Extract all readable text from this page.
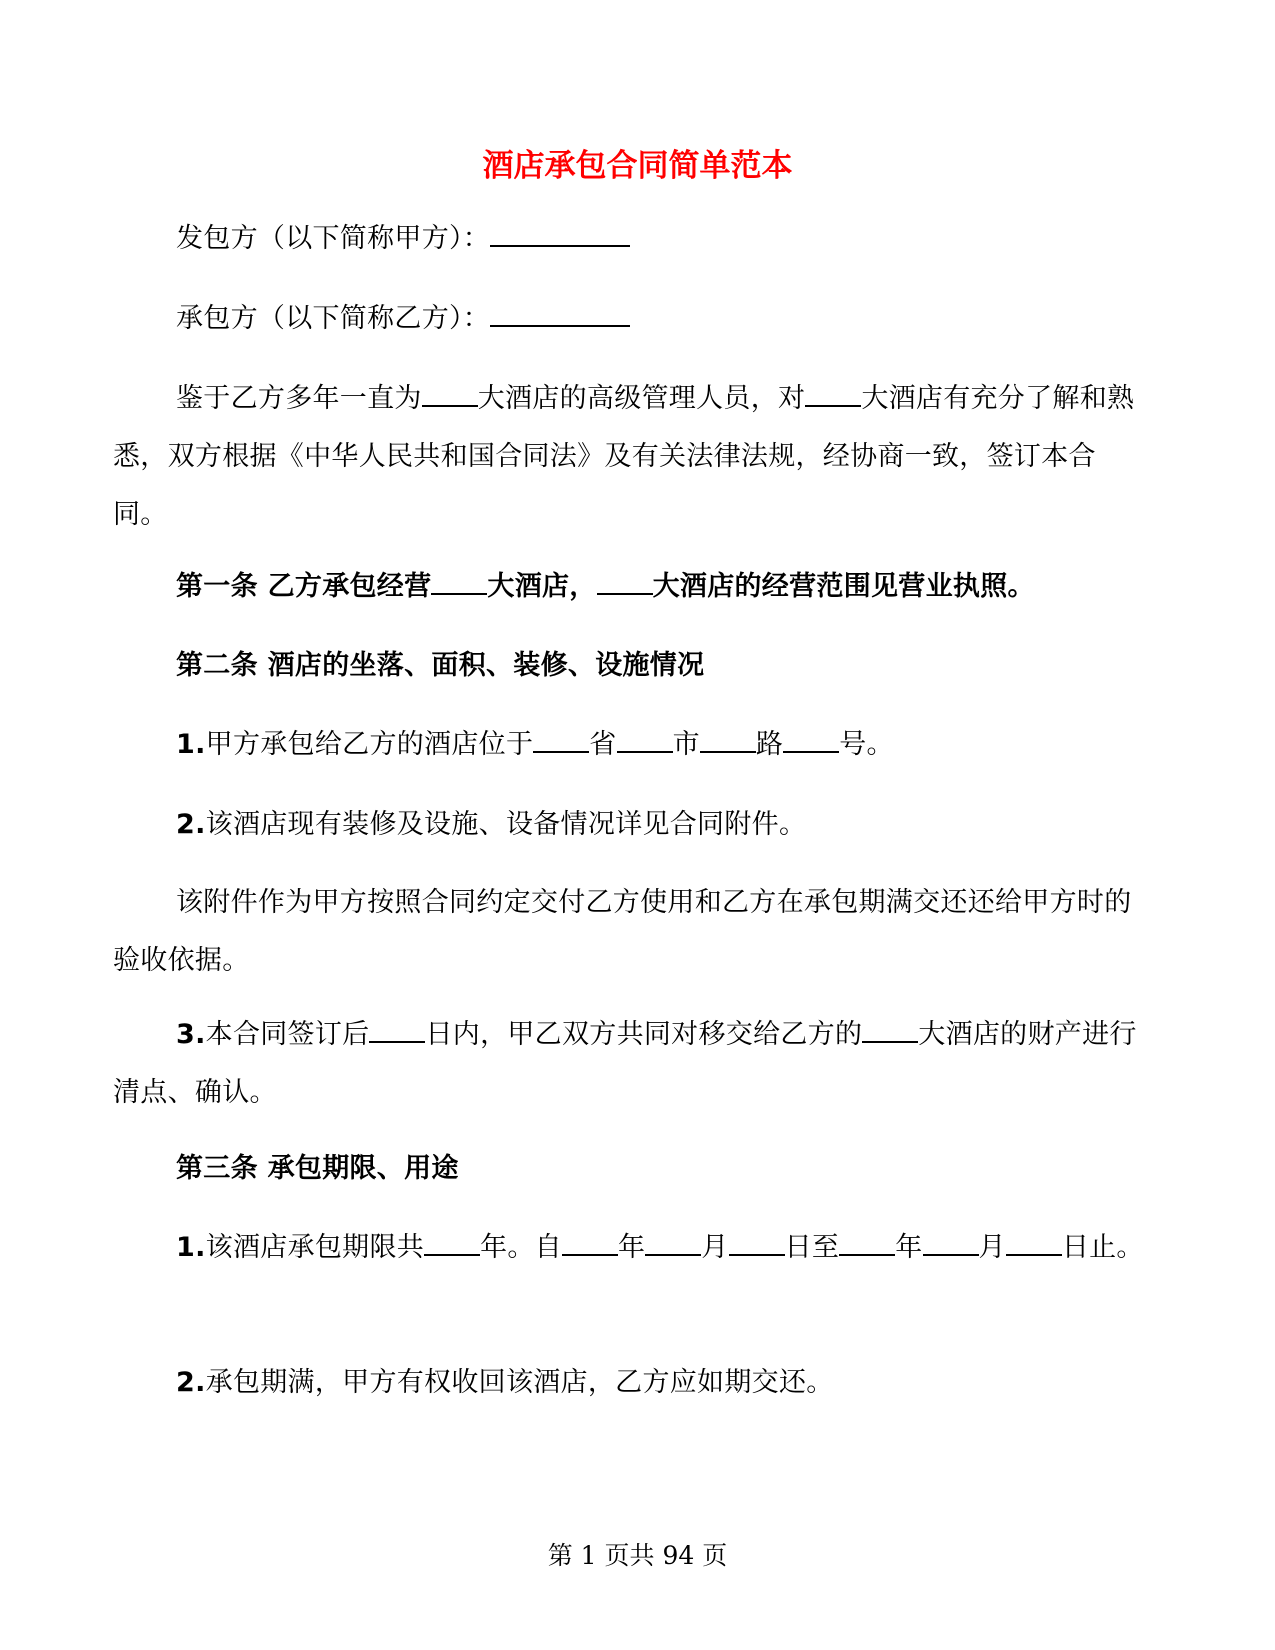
酒店承包合同简单范本
发包方（以下简称甲方）：
承包方（以下简称乙方）：
鉴于乙方多年一直为 大酒店的高级管理人员，对 大酒店有充分了解和熟悉，双方根据《中华人民共和国合同法》及有关法律法规，经协商一致，签订本合同。
第一条 乙方承包经营 大酒店， 大酒店的经营范围见营业执照。
第二条 酒店的坐落、面积、装修、设施情况
1.甲方承包给乙方的酒店位于 省 市 路 号。
2.该酒店现有装修及设施、设备情况详见合同附件。
该附件作为甲方按照合同约定交付乙方使用和乙方在承包期满交还还给甲方时的验收依据。
3.本合同签订后 日内，甲乙双方共同对移交给乙方的 大酒店的财产进行清点、确认。
第三条 承包期限、用途
1.该酒店承包期限共 年。自 年 月 日至 年 月 日止。
2.承包期满，甲方有权收回该酒店，乙方应如期交还。
第 1 页共 94 页
